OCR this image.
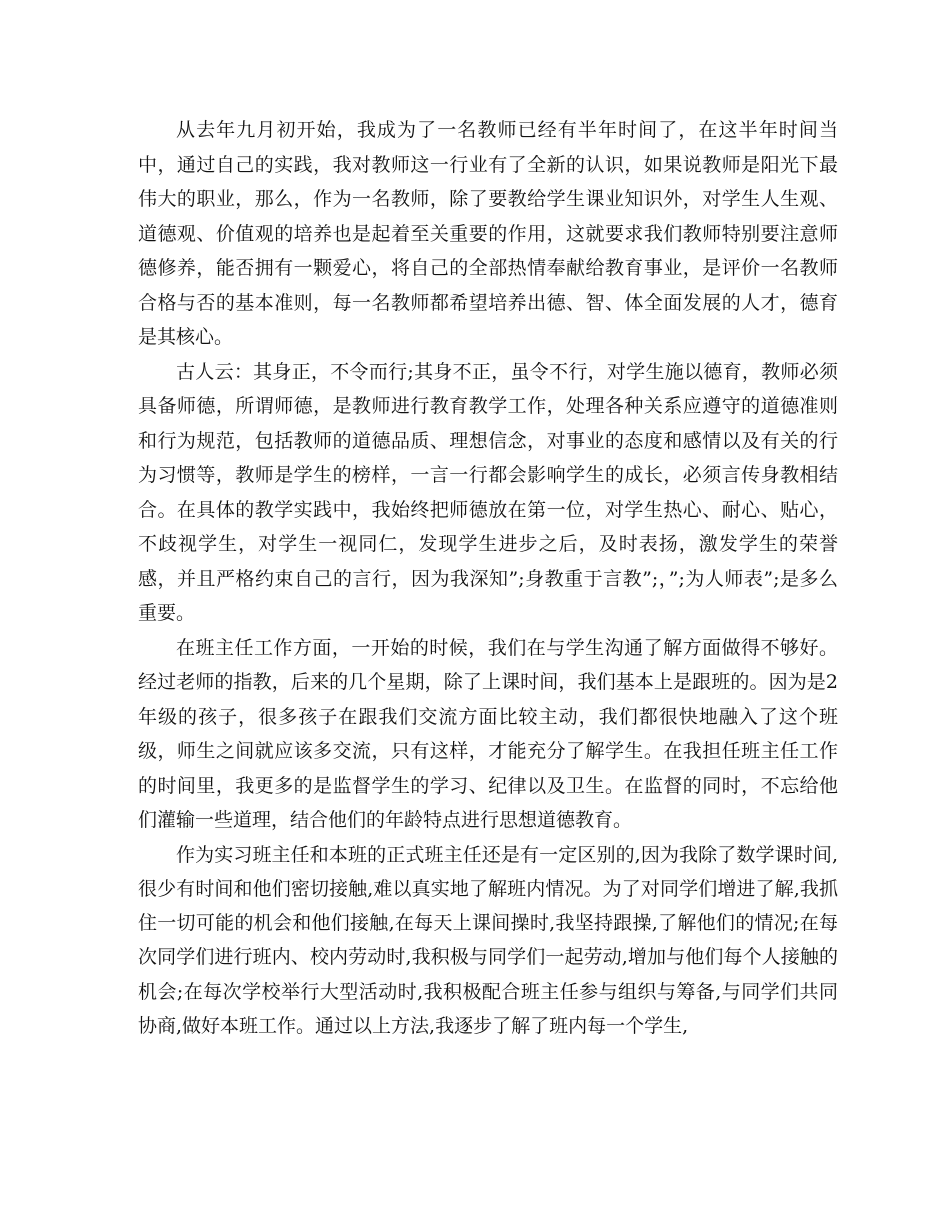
从去年九月初开始，我成为了一名教师已经有半年时间了，在这半年时间当中，通过自己的实践，我对教师这一行业有了全新的认识，如果说教师是阳光下最伟大的职业，那么，作为一名教师，除了要教给学生课业知识外，对学生人生观、道德观、价值观的培养也是起着至关重要的作用，这就要求我们教师特别要注意师德修养，能否拥有一颗爱心，将自己的全部热情奉献给教育事业，是评价一名教师合格与否的基本准则，每一名教师都希望培养出德、智、体全面发展的人才，德育是其核心。

古人云：其身正，不令而行;其身不正，虽令不行，对学生施以德育，教师必须具备师德，所谓师德，是教师进行教育教学工作，处理各种关系应遵守的道德准则和行为规范，包括教师的道德品质、理想信念，对事业的态度和感情以及有关的行为习惯等，教师是学生的榜样，一言一行都会影响学生的成长，必须言传身教相结合。在具体的教学实践中，我始终把师德放在第一位，对学生热心、耐心、贴心，不歧视学生，对学生一视同仁，发现学生进步之后，及时表扬，激发学生的荣誉感，并且严格约束自己的言行，因为我深知”;身教重于言教”;，”;为人师表”;是多么重要。

在班主任工作方面，一开始的时候，我们在与学生沟通了解方面做得不够好。经过老师的指教，后来的几个星期，除了上课时间，我们基本上是跟班的。因为是2年级的孩子，很多孩子在跟我们交流方面比较主动，我们都很快地融入了这个班级，师生之间就应该多交流，只有这样，才能充分了解学生。在我担任班主任工作的时间里，我更多的是监督学生的学习、纪律以及卫生。在监督的同时，不忘给他们灌输一些道理，结合他们的年龄特点进行思想道德教育。

作为实习班主任和本班的正式班主任还是有一定区别的,因为我除了数学课时间,很少有时间和他们密切接触,难以真实地了解班内情况。为了对同学们增进了解,我抓住一切可能的机会和他们接触,在每天上课间操时,我坚持跟操,了解他们的情况;在每次同学们进行班内、校内劳动时,我积极与同学们一起劳动,增加与他们每个人接触的机会;在每次学校举行大型活动时,我积极配合班主任参与组织与筹备,与同学们共同协商,做好本班工作。通过以上方法,我逐步了解了班内每一个学生,
